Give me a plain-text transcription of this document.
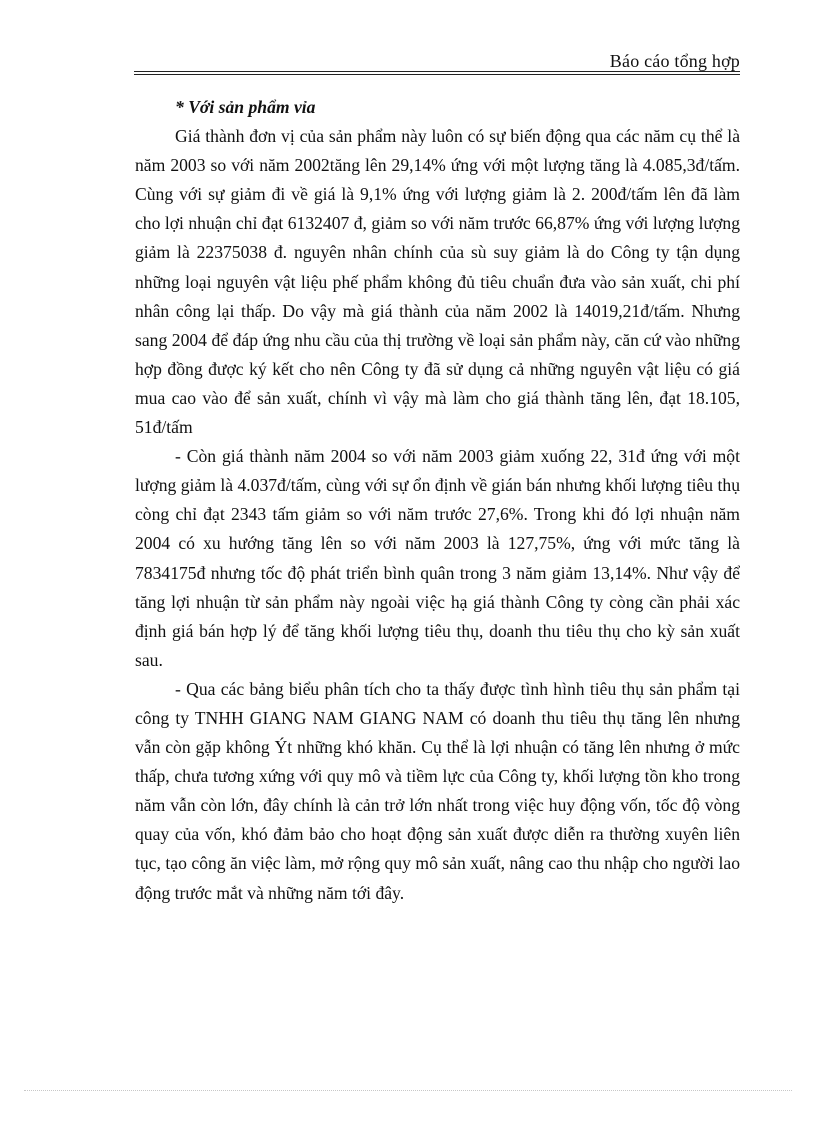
Báo cáo tổng hợp

* Với sản phẩm vỉa

Giá thành đơn vị của sản phẩm này luôn có sự biến động qua các năm cụ thể là năm 2003 so với năm 2002tăng lên 29,14% ứng với một lượng tăng là 4.085,3đ/tấm. Cùng với sự giảm đi về giá là 9,1% ứng với lượng giảm là 2. 200đ/tấm lên đã làm cho lợi nhuận chỉ đạt 6132407 đ, giảm so với năm trước 66,87% ứng với lượng lượng giảm là 22375038 đ. nguyên nhân chính của sù suy giảm là do Công ty tận dụng những loại nguyên vật liệu phế phẩm không đủ tiêu chuẩn đưa vào sản xuất, chi phí nhân công lại thấp. Do vậy mà giá thành của năm 2002 là 14019,21đ/tấm. Nhưng sang 2004 để đáp ứng nhu cầu của thị trường về loại sản phẩm này, căn cứ vào những hợp đồng được ký kết cho nên Công ty đã sử dụng cả những nguyên vật liệu có giá mua cao vào để sản xuất, chính vì vậy mà làm cho giá thành tăng lên, đạt 18.105, 51đ/tấm

- Còn giá thành năm 2004 so với năm 2003 giảm xuống 22, 31đ ứng với một lượng giảm là 4.037đ/tấm, cùng với sự ổn định về gián bán nhưng khối lượng tiêu thụ còng chỉ đạt 2343 tấm giảm so với năm trước 27,6%. Trong khi đó lợi nhuận năm 2004 có xu hướng tăng lên so với năm 2003 là 127,75%, ứng với mức tăng là 7834175đ nhưng tốc độ phát triển bình quân trong 3 năm giảm 13,14%. Như vậy để tăng lợi nhuận từ sản phẩm này ngoài việc hạ giá thành Công ty còng cần phải xác định giá bán hợp lý để tăng khối lượng tiêu thụ, doanh thu tiêu thụ cho kỳ sản xuất sau.

- Qua các bảng biểu phân tích cho ta thấy được tình hình tiêu thụ sản phẩm tại công ty TNHH GIANG NAM GIANG NAM có doanh thu tiêu thụ tăng lên nhưng vẫn còn gặp không Ýt những khó khăn. Cụ thể là lợi nhuận có tăng lên nhưng ở mức thấp, chưa tương xứng với quy mô và tiềm lực của Công ty, khối lượng tồn kho trong năm vẫn còn lớn, đây chính là cản trở lớn nhất trong việc huy động vốn, tốc độ vòng quay của vốn, khó đảm bảo cho hoạt động sản xuất được diễn ra thường xuyên liên tục, tạo công ăn việc làm, mở rộng quy mô sản xuất, nâng cao thu nhập cho người lao động trước mắt và những năm tới đây.
